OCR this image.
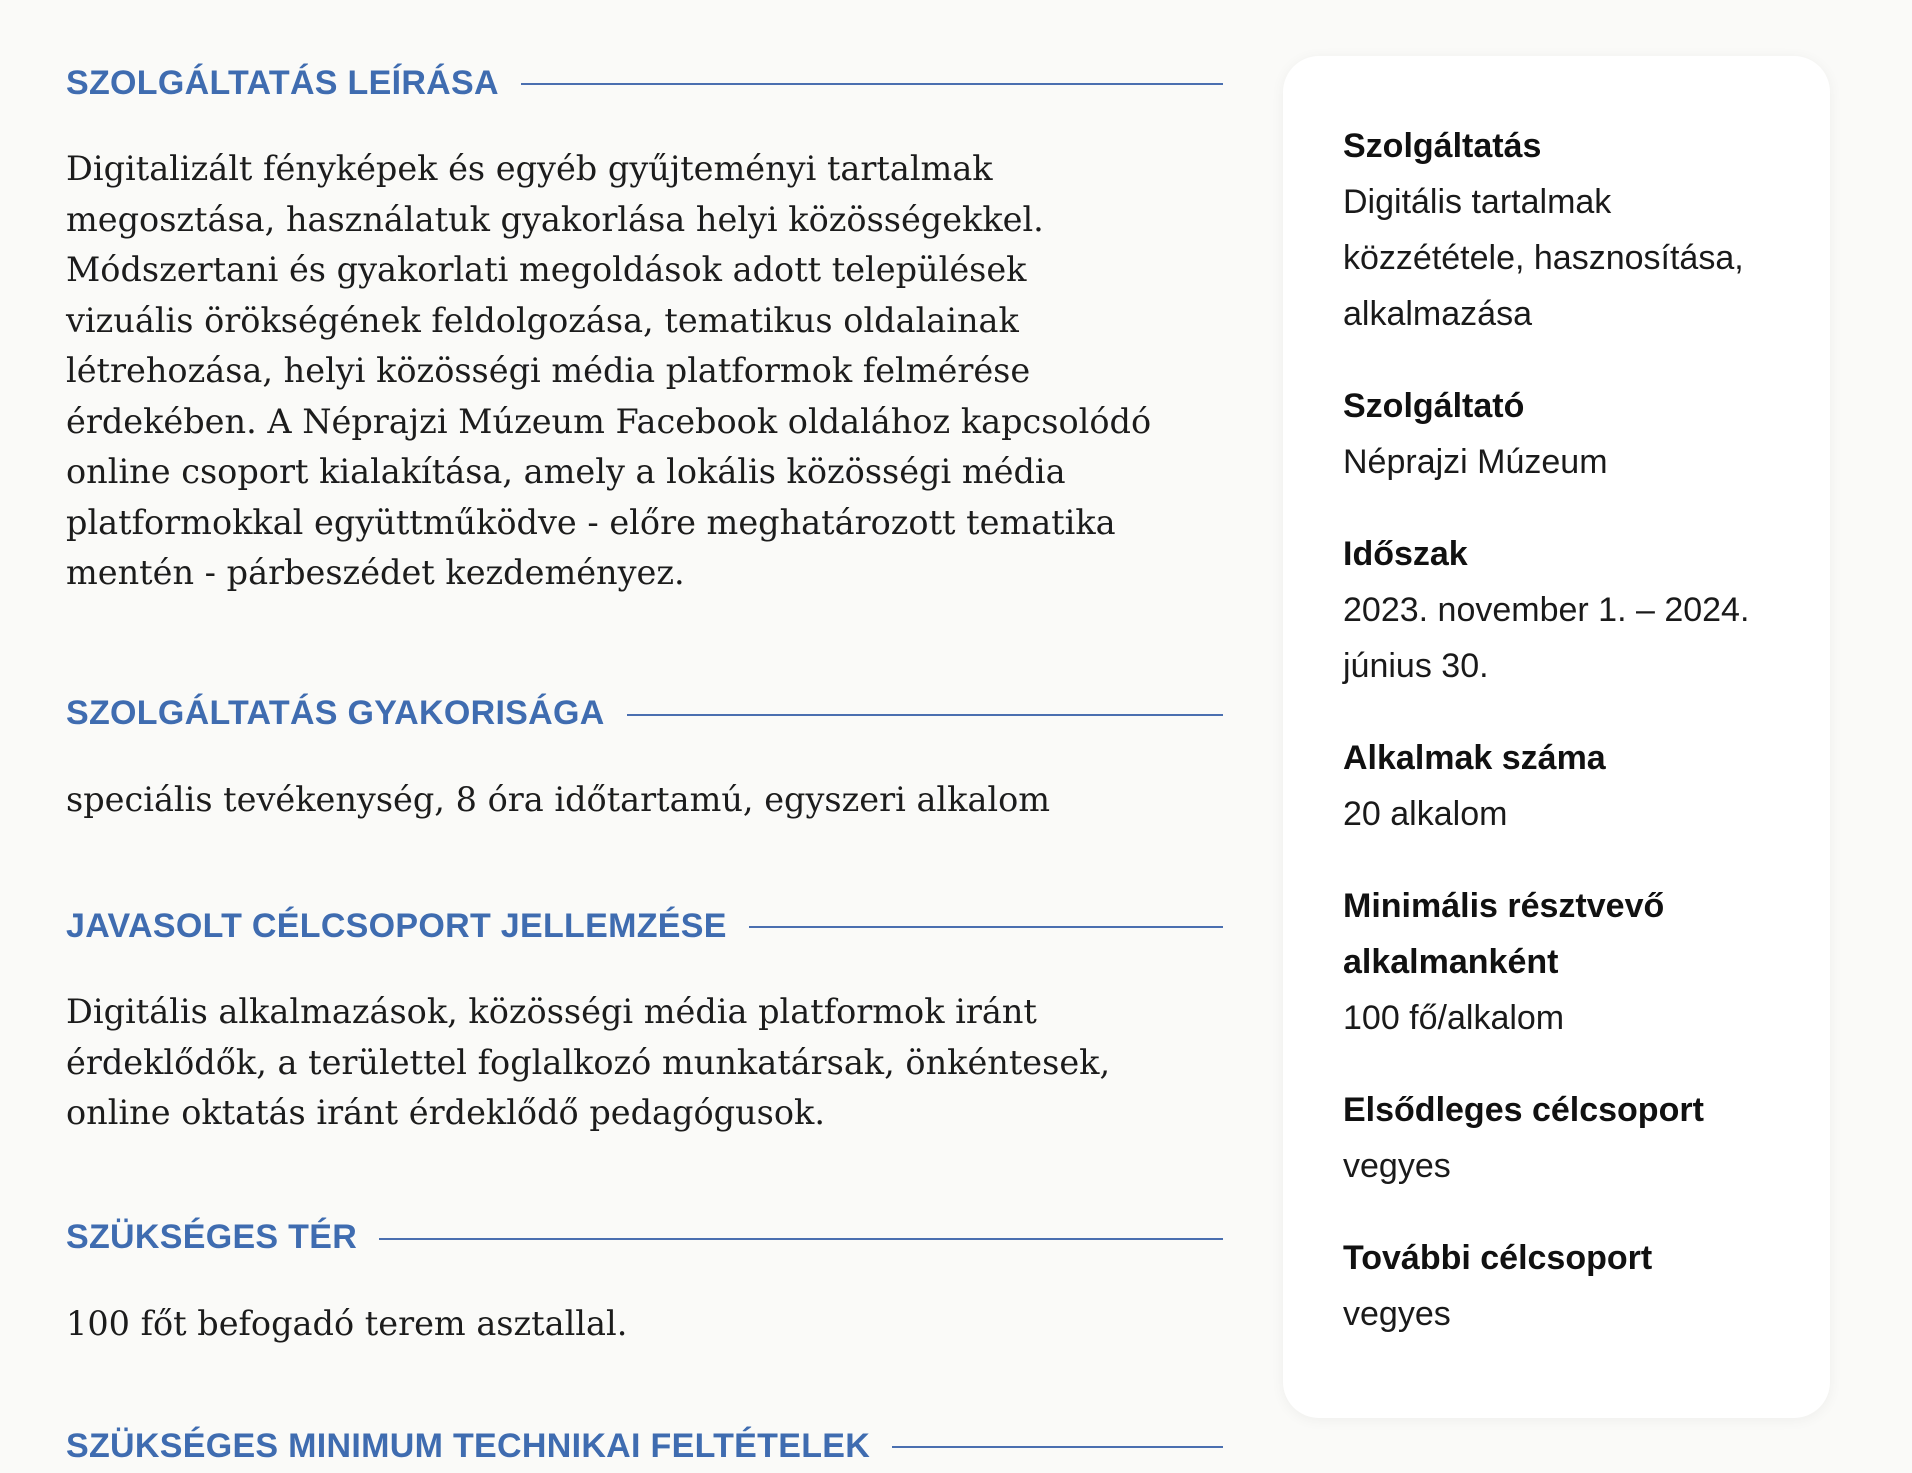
SZOLGÁLTATÁS LEÍRÁSA

Digitalizált fényképek és egyéb gyűjteményi tartalmak megosztása, használatuk gyakorlása helyi közösségekkel. Módszertani és gyakorlati megoldások adott települések vizuális örökségének feldolgozása, tematikus oldalainak létrehozása, helyi közösségi média platformok felmérése érdekében. A Néprajzi Múzeum Facebook oldalához kapcsolódó online csoport kialakítása, amely a lokális közösségi média platformokkal együttműködve - előre meghatározott tematika mentén - párbeszédet kezdeményez.

SZOLGÁLTATÁS GYAKORISÁGA

speciális tevékenység, 8 óra időtartamú, egyszeri alkalom

JAVASOLT CÉLCSOPORT JELLEMZÉSE

Digitális alkalmazások, közösségi média platformok iránt érdeklődők, a területtel foglalkozó munkatársak, önkéntesek, online oktatás iránt érdeklődő pedagógusok.

SZÜKSÉGES TÉR

100 főt befogadó terem asztallal.

SZÜKSÉGES MINIMUM TECHNIKAI FELTÉTELEK
Szolgáltatás
Digitális tartalmak közzététele, hasznosítása, alkalmazása
Szolgáltató
Néprajzi Múzeum
Időszak
2023. november 1. – 2024. június 30.
Alkalmak száma
20 alkalom
Minimális résztvevő alkalmanként
100 fő/alkalom
Elsődleges célcsoport
vegyes
További célcsoport
vegyes
